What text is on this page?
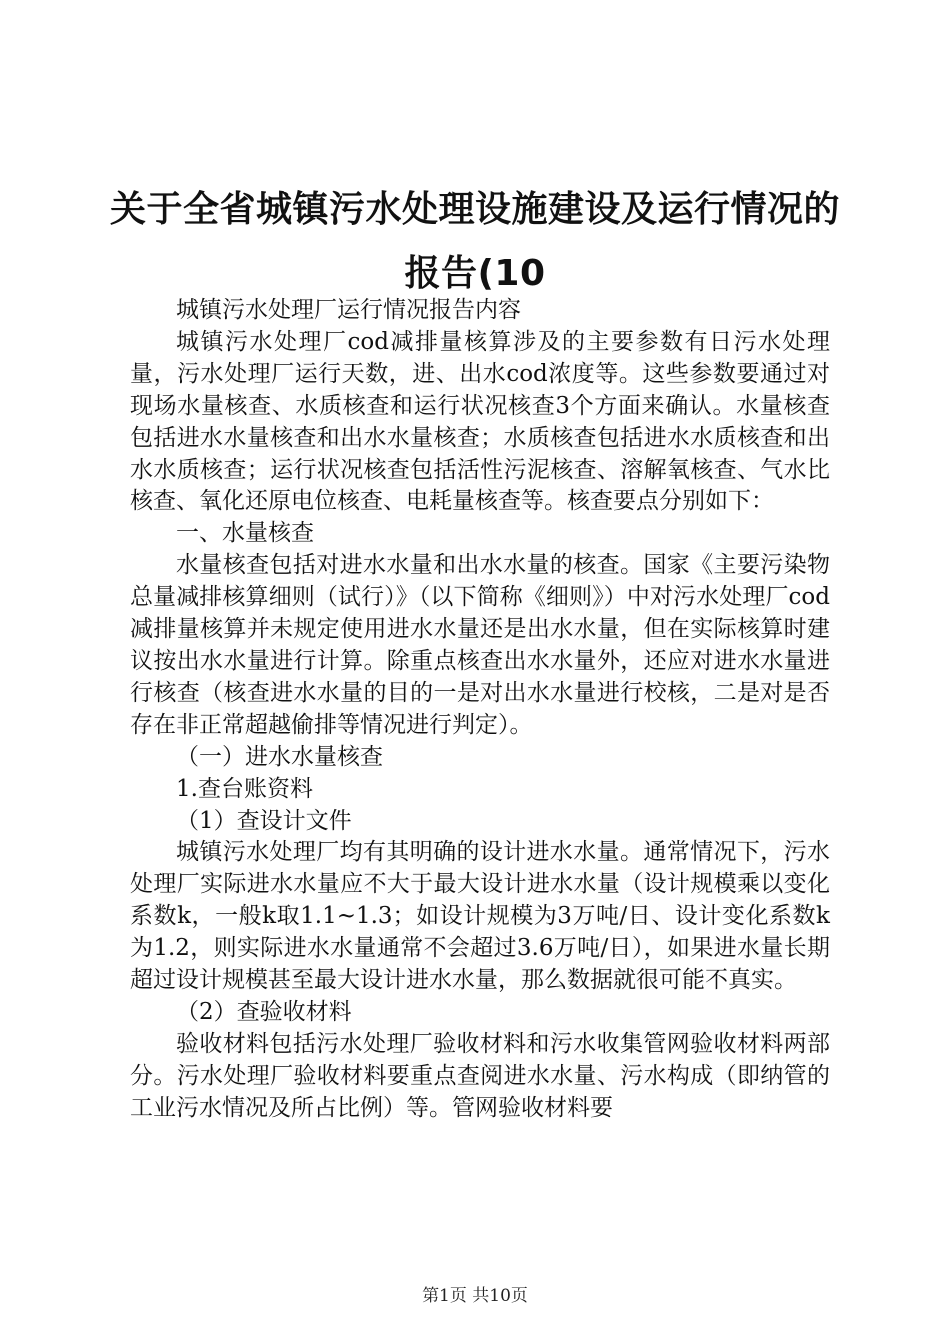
关于全省城镇污水处理设施建设及运行情况的报告(10

城镇污水处理厂运行情况报告内容

城镇污水处理厂cod减排量核算涉及的主要参数有日污水处理量，污水处理厂运行天数，进、出水cod浓度等。这些参数要通过对现场水量核查、水质核查和运行状况核查3个方面来确认。水量核查包括进水水量核查和出水水量核查；水质核查包括进水水质核查和出水水质核查；运行状况核查包括活性污泥核查、溶解氧核查、气水比核查、氧化还原电位核查、电耗量核查等。核查要点分别如下：

一、水量核查

水量核查包括对进水水量和出水水量的核查。国家《主要污染物总量减排核算细则（试行）》（以下简称《细则》）中对污水处理厂cod减排量核算并未规定使用进水水量还是出水水量，但在实际核算时建议按出水水量进行计算。除重点核查出水水量外，还应对进水水量进行核查（核查进水水量的目的一是对出水水量进行校核，二是对是否存在非正常超越偷排等情况进行判定）。

（一）进水水量核查

1.查台账资料

（1）查设计文件

城镇污水处理厂均有其明确的设计进水水量。通常情况下，污水处理厂实际进水水量应不大于最大设计进水水量（设计规模乘以变化系数k，一般k取1.1~1.3；如设计规模为3万吨/日、设计变化系数k为1.2，则实际进水水量通常不会超过3.6万吨/日），如果进水量长期超过设计规模甚至最大设计进水水量，那么数据就很可能不真实。

（2）查验收材料

验收材料包括污水处理厂验收材料和污水收集管网验收材料两部分。污水处理厂验收材料要重点查阅进水水量、污水构成（即纳管的工业污水情况及所占比例）等。管网验收材料要

第1页 共10页
